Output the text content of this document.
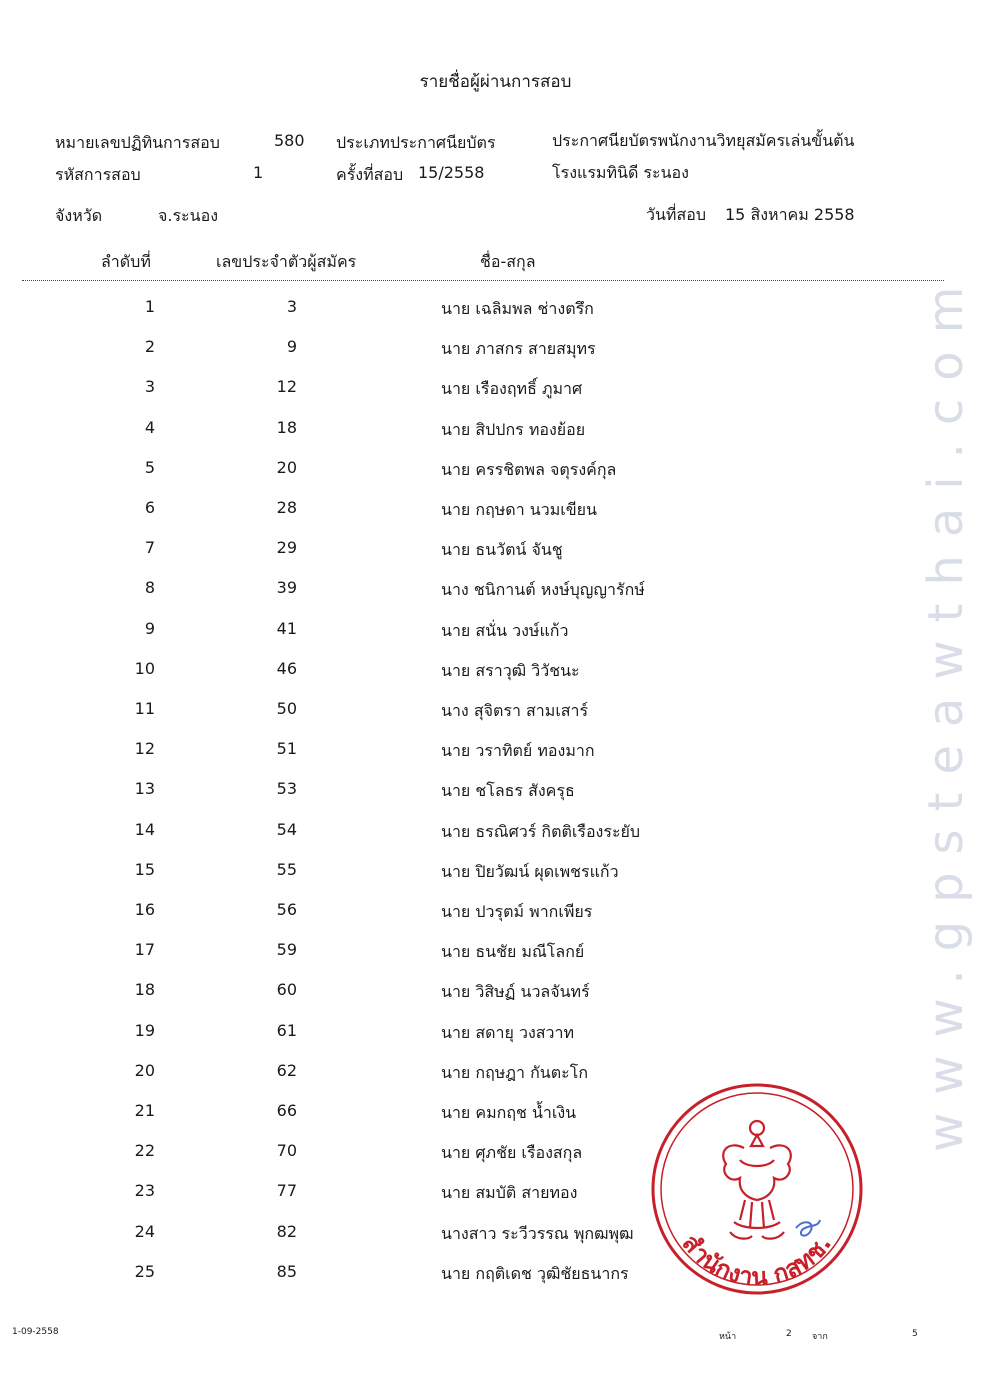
www.gpsteawthai.com
รายชื่อผู้ผ่านการสอบ
หมายเลขปฏิทินการสอบ	580 ประเภทประกาศนียบัตร	ประกาศนียบัตรพนักงานวิทยุสมัครเล่นขั้นต้น
รหัสการสอบ	1	ครั้งที่สอบ 15/2558	โรงแรมทินิดี ระนอง
จังหวัด	จ.ระนอง	วันที่สอบ 15 สิงหาคม 2558
ลำดับที่	เลขประจำตัวผู้สมัคร	ชื่อ-สกุล
1	3	นาย เฉลิมพล ช่างตรึก
2	9	นาย ภาสกร สายสมุทร
3	12	นาย เรืองฤทธิ์ ภูมาศ
4	18	นาย สิปปกร ทองย้อย
5	20	นาย ครรชิตพล จตุรงค์กุล
6	28	นาย กฤษดา นวมเขียน
7	29	นาย ธนวัตน์ จันชู
8	39	นาง ชนิกานต์ หงษ์บุญญารักษ์
9	41	นาย สนั่น วงษ์แก้ว
10	46	นาย สราวุฒิ วิวัชนะ
11	50	นาง สุจิตรา สามเสาร์
12	51	นาย วราทิตย์ ทองมาก
13	53	นาย ชโลธร สังครุธ
14	54	นาย ธรณิศวร์ กิตติเรืองระยับ
15	55	นาย ปิยวัฒน์ ผุดเพชรแก้ว
16	56	นาย ปวรุตม์ พากเพียร
17	59	นาย ธนชัย มณีโลกย์
18	60	นาย วิสิษฏ์ นวลจันทร์
19	61	นาย สดายุ วงสวาท
20	62	นาย กฤษฎา กันตะโก
21	66	นาย คมกฤช น้ำเงิน
22	70	นาย ศุภชัย เรืองสกุล
23	77	นาย สมบัติ สายทอง
24	82	นางสาว ระวีวรรณ พุกฒพุฒ
25	85	นาย กฤติเดช วุฒิชัยธนากร
1-09-2558	หน้า	2 จาก	5
สำนักงาน กสทช.
